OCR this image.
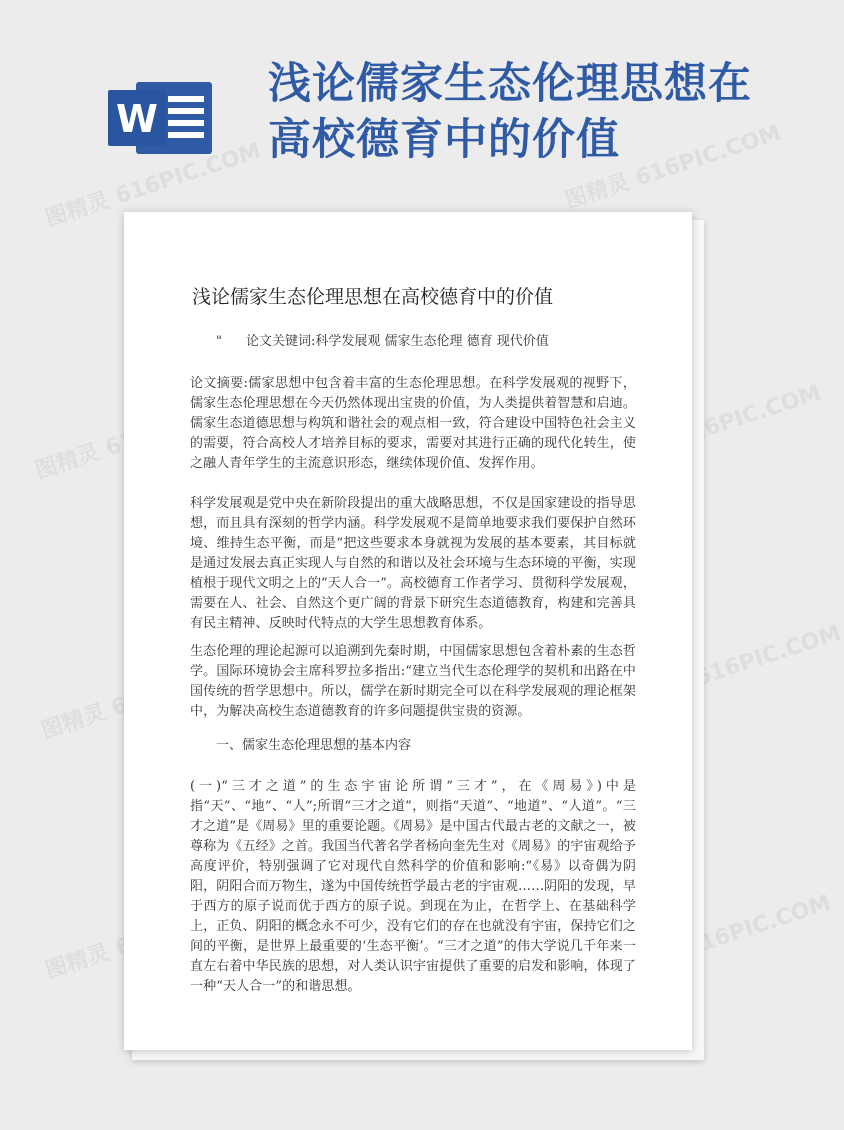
图精灵 616PIC.COM	图精灵 616PIC.COM
图精灵	图精灵 616PIC.COM
图精灵
图精灵 616PIC.COM
图精灵	图精灵 616PIC.COM
W
浅论儒家生态伦理思想在高校德育中的价值
浅论儒家生态伦理思想在高校德育中的价值
" 论文关键词:科学发展观 儒家生态伦理 德育 现代价值

论文摘要:儒家思想中包含着丰富的生态伦理思想。在科学发展观的视野下，儒家生态伦理思想在今天仍然体现出宝贵的价值，为人类提供着智慧和启迪。儒家生态道德思想与构筑和谐社会的观点相一致，符合建设中国特色社会主义的需要，符合高校人才培养目标的要求，需要对其进行正确的现代化转生，使之融人青年学生的主流意识形态，继续体现价值、发挥作用。

科学发展观是党中央在新阶段提出的重大战略思想，不仅是国家建设的指导思想，而且具有深刻的哲学内涵。科学发展观不是简单地要求我们要保护自然环境、维持生态平衡，而是“把这些要求本身就视为发展的基本要素，其目标就是通过发展去真正实现人与自然的和谐以及社会环境与生态环境的平衡，实现植根于现代文明之上的“天人合一”。高校德育工作者学习、贯彻科学发展观，需要在人、社会、自然这个更广阔的背景下研究生态道德教育，构建和完善具有民主精神、反映时代特点的大学生思想教育体系。

生态伦理的理论起源可以追溯到先秦时期，中国儒家思想包含着朴素的生态哲学。国际环境协会主席科罗拉多指出:“建立当代生态伦理学的契机和出路在中国传统的哲学思想中。所以，儒学在新时期完全可以在科学发展观的理论框架中，为解决高校生态道德教育的许多问题提供宝贵的资源。

一、儒家生态伦理思想的基本内容

(一)“三才之道”的生态宇宙论所谓“三才”，在《周易》)中是指“天”、“地”、“人”;所谓“三才之道”，则指“天道”、“地道”、“人道”。“三才之道”是《周易》里的重要论题。《周易》是中国古代最古老的文献之一，被尊称为《五经》之首。我国当代著名学者杨向奎先生对《周易》的宇宙观给予高度评价，特别强调了它对现代自然科学的价值和影响:“《易》以奇偶为阴阳，阴阳合而万物生，遂为中国传统哲学最古老的宇宙观……阴阳的发现，早于西方的原子说而优于西方的原子说。到现在为止，在哲学上、在基础科学上，正负、阴阳的概念永不可少，没有它们的存在也就没有宇宙，保持它们之间的平衡，是世界上最重要的‘生态平衡’。“三才之道”的伟大学说几千年来一直左右着中华民族的思想，对人类认识宇宙提供了重要的启发和影响，体现了一种“天人合一”的和谐思想。
